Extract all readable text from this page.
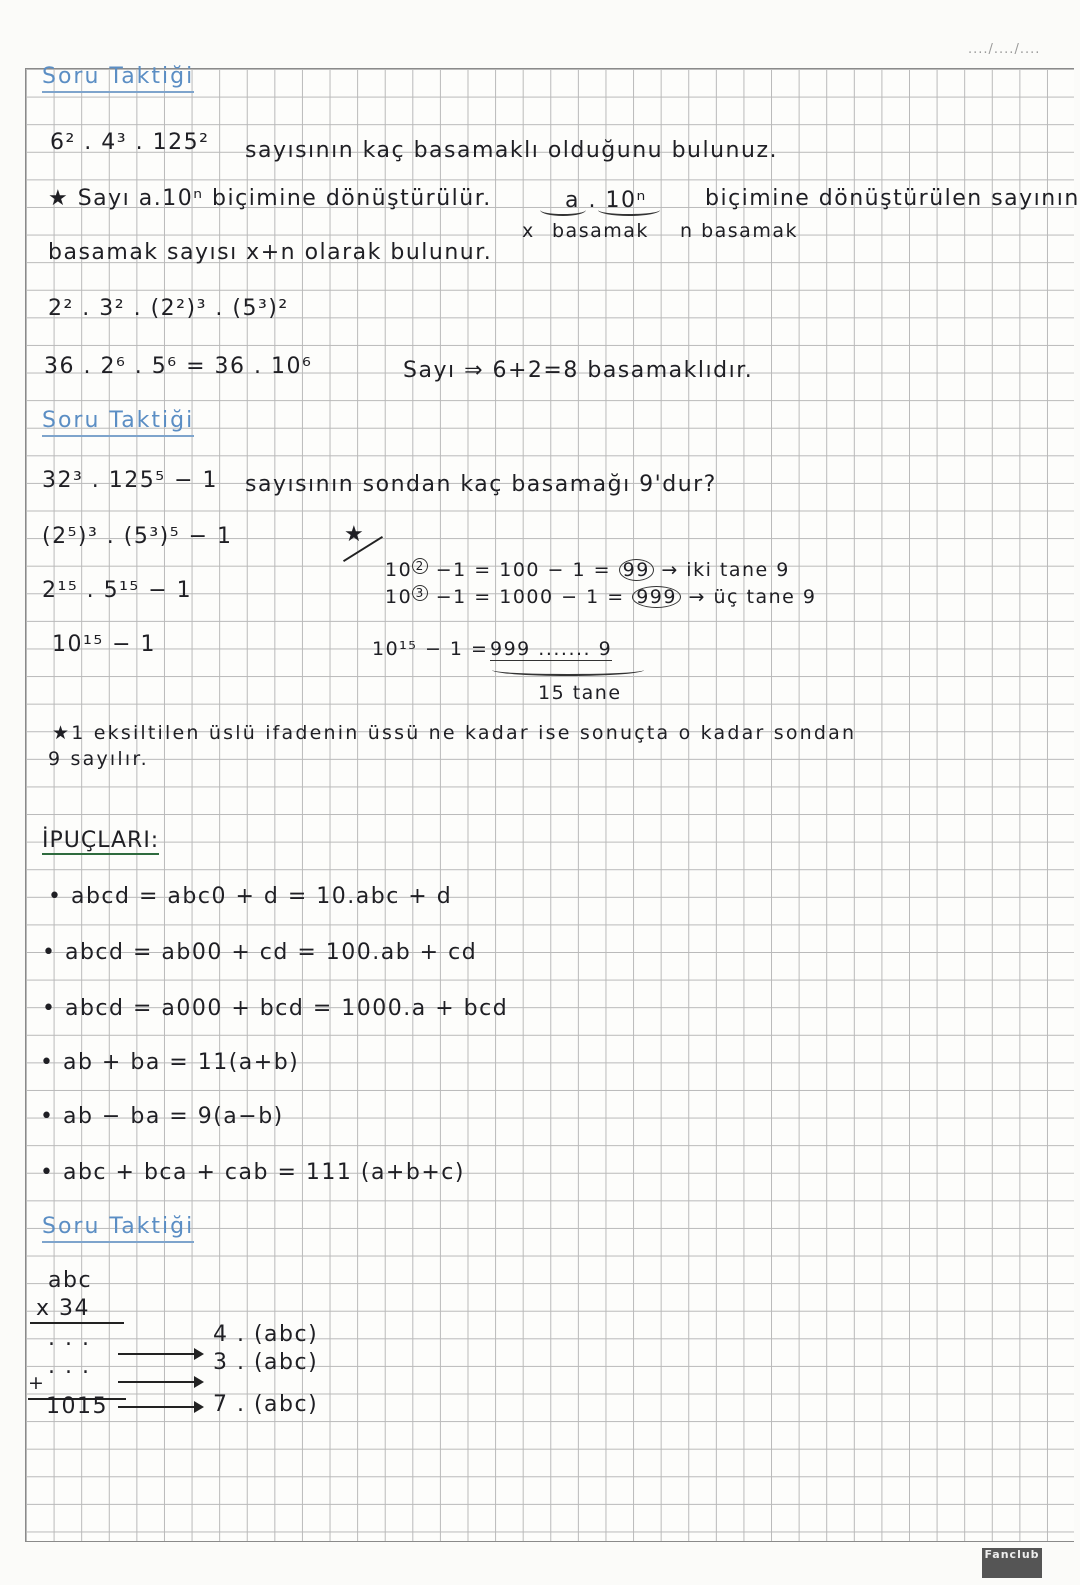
..../..../....
Soru Taktiği
6² . 4³ . 125² sayısının kaç basamaklı olduğunu bulunuz.
★ Sayı a.10ⁿ biçimine dönüştürülür.	a . 10ⁿ	biçimine dönüştürülen sayının
x basamak n basamak
basamak sayısı x+n olarak bulunur.
2² . 3² . (2²)³ . (5³)²
36 . 2⁶ . 5⁶ = 36 . 10⁶	Sayı ⇒ 6+2=8 basamaklıdır.
Soru Taktiği
32³ . 125⁵ − 1 sayısının sondan kaç basamağı 9'dur?
(2⁵)³ . (5³)⁵ − 1
2¹⁵ . 5¹⁵ − 1
10¹⁵ − 1
★
10 2 −1 = 100 − 1 = 99 → iki tane 9
10 3 −1 = 1000 − 1 = 999 → üç tane 9
10¹⁵ − 1 = 999 ....... 9
15 tane
★1 eksiltilen üslü ifadenin üssü ne kadar ise sonuçta o kadar sondan
9 sayılır.
İPUÇLARI:
• abcd = abc0 + d = 10.abc + d
• abcd = ab00 + cd = 100.ab + cd
• abcd = a000 + bcd = 1000.a + bcd
• ab + ba = 11(a+b)
• ab − ba = 9(a−b)
• abc + bca + cab = 111 (a+b+c)
Soru Taktiği
abc
x 34
. . .	4 . (abc)
. . .	3 . (abc)
+
1015	7 . (abc)
Fanclub
